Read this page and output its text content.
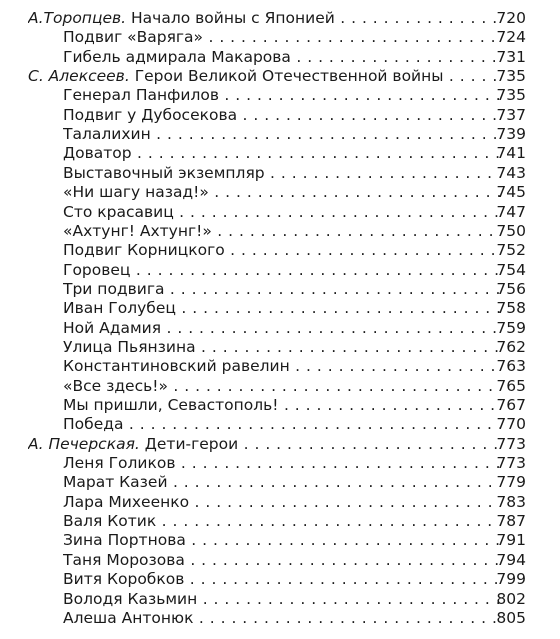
А.Торопцев. Начало войны с Японией . . .	720
Подвиг «Варяга» . . .	724
Гибель адмирала Макарова . . .	731
С. Алексеев. Герои Великой Отечественной войны . . .	735
Генерал Панфилов . . .	735
Подвиг у Дубосекова . . .	737
Талалихин . . .	739
Доватор . . .	741
Выставочный экземпляр . . .	743
«Ни шагу назад!» . . .	745
Сто красавиц . . .	747
«Ахтунг! Ахтунг!» . . .	750
Подвиг Корницкого . . .	752
Горовец . . .	754
Три подвига . . .	756
Иван Голубец . . .	758
Ной Адамия . . .	759
Улица Пьянзина . . .	762
Константиновский равелин . . .	763
«Все здесь!» . . .	765
Мы пришли, Севастополь! . . .	767
Победа . . .	770
А. Печерская. Дети-герои . . .	773
Леня Голиков . . .	773
Марат Казей . . .	779
Лара Михеенко . . .	783
Валя Котик . . .	787
Зина Портнова . . .	791
Таня Морозова . . .	794
Витя Коробков . . .	799
Володя Казьмин . . .	802
Алеша Антонюк . . .	805
